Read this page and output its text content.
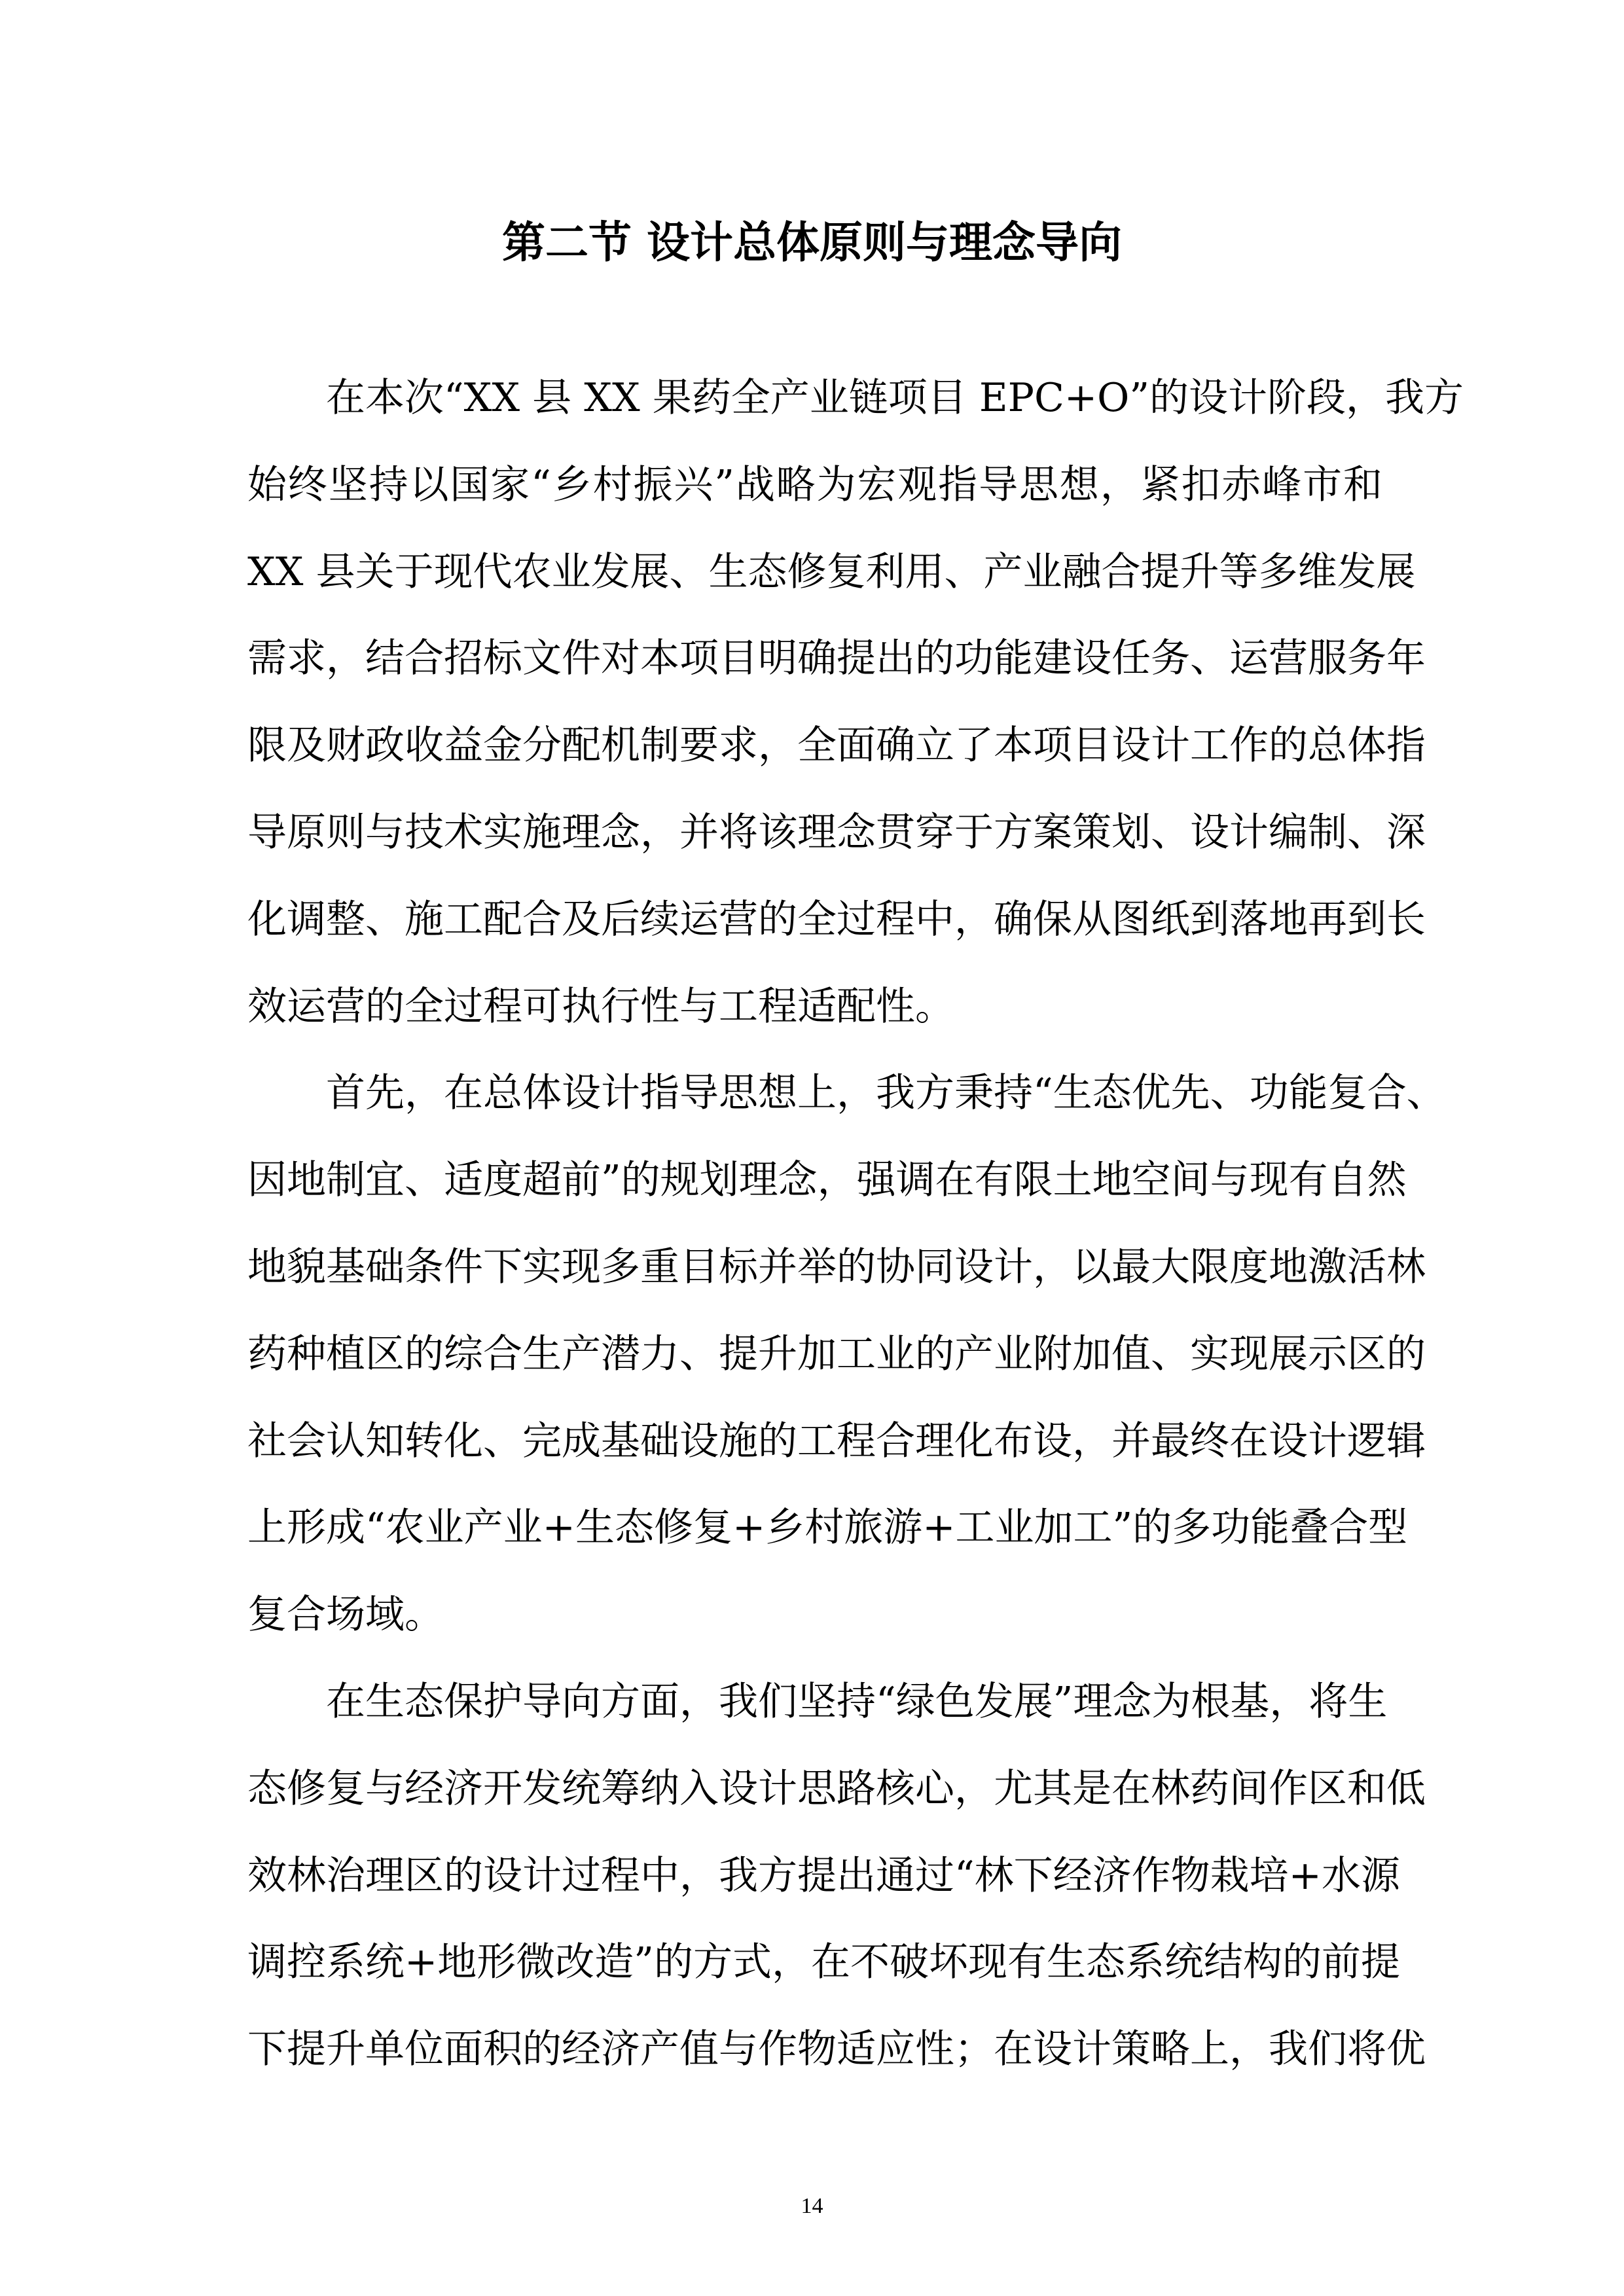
第二节 设计总体原则与理念导向
在本次“XX 县 XX 果药全产业链项目 EPC+O”的设计阶段，我方
始终坚持以国家“乡村振兴”战略为宏观指导思想，紧扣赤峰市和
XX 县关于现代农业发展、生态修复利用、产业融合提升等多维发展
需求，结合招标文件对本项目明确提出的功能建设任务、运营服务年
限及财政收益金分配机制要求，全面确立了本项目设计工作的总体指
导原则与技术实施理念，并将该理念贯穿于方案策划、设计编制、深
化调整、施工配合及后续运营的全过程中，确保从图纸到落地再到长
效运营的全过程可执行性与工程适配性。
首先，在总体设计指导思想上，我方秉持“生态优先、功能复合、
因地制宜、适度超前”的规划理念，强调在有限土地空间与现有自然
地貌基础条件下实现多重目标并举的协同设计，以最大限度地激活林
药种植区的综合生产潜力、提升加工业的产业附加值、实现展示区的
社会认知转化、完成基础设施的工程合理化布设，并最终在设计逻辑
上形成“农业产业+生态修复+乡村旅游+工业加工”的多功能叠合型
复合场域。
在生态保护导向方面，我们坚持“绿色发展”理念为根基，将生
态修复与经济开发统筹纳入设计思路核心，尤其是在林药间作区和低
效林治理区的设计过程中，我方提出通过“林下经济作物栽培+水源
调控系统+地形微改造”的方式，在不破坏现有生态系统结构的前提
下提升单位面积的经济产值与作物适应性；在设计策略上，我们将优
14
